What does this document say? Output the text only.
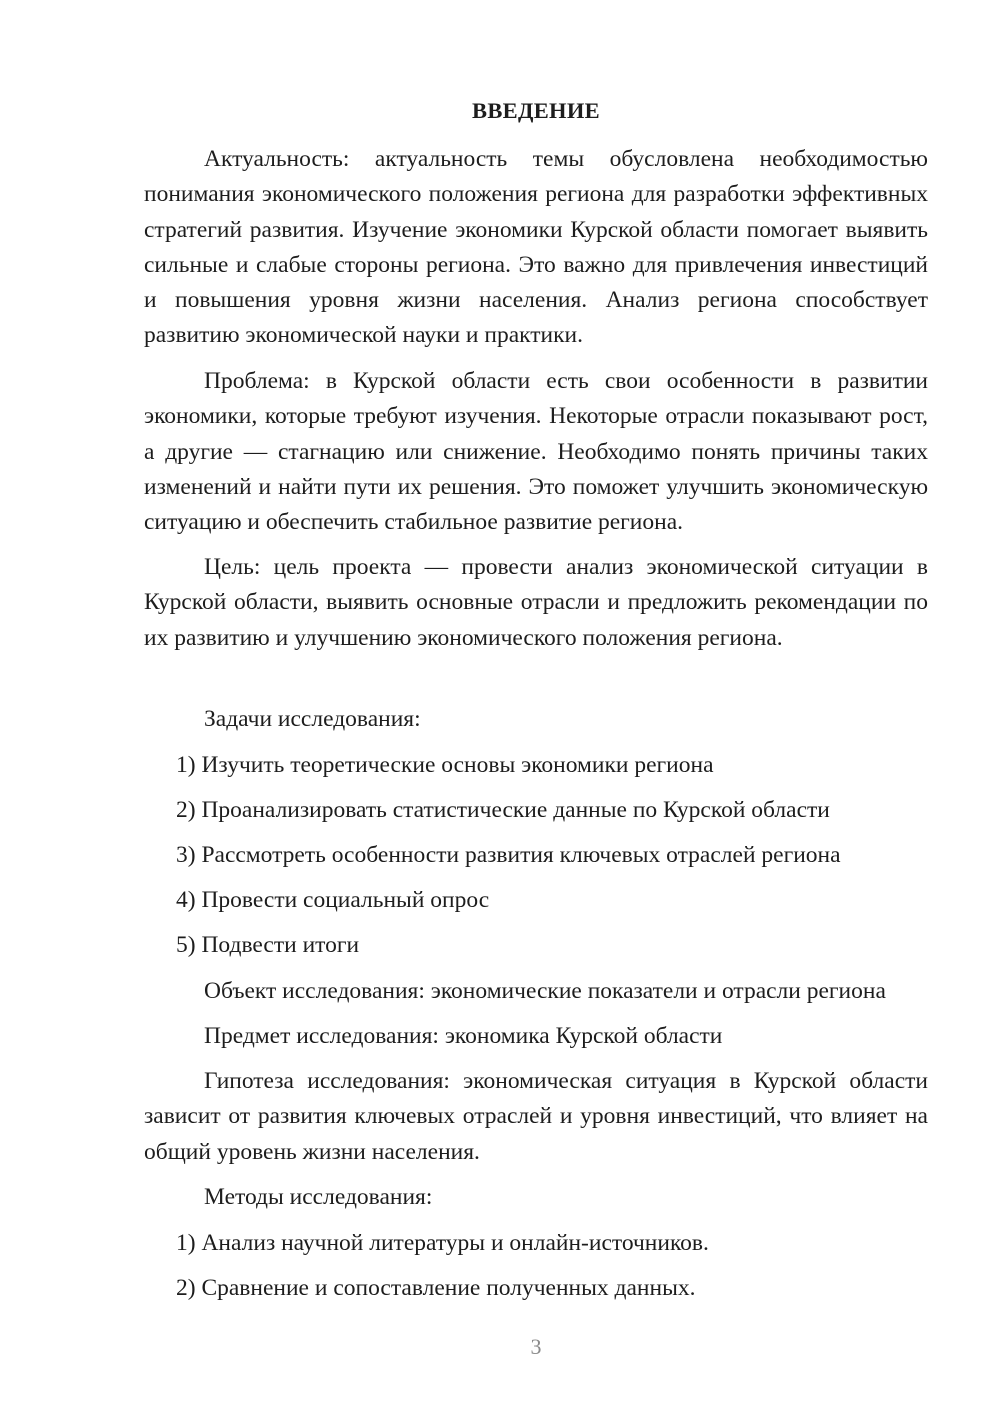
ВВЕДЕНИЕ

Актуальность: актуальность темы обусловлена необходимостью понимания экономического положения региона для разработки эффективных стратегий развития. Изучение экономики Курской области помогает выявить сильные и слабые стороны региона. Это важно для привлечения инвестиций и повышения уровня жизни населения. Анализ региона способствует развитию экономической науки и практики.

Проблема: в Курской области есть свои особенности в развитии экономики, которые требуют изучения. Некоторые отрасли показывают рост, а другие — стагнацию или снижение. Необходимо понять причины таких изменений и найти пути их решения. Это поможет улучшить экономическую ситуацию и обеспечить стабильное развитие региона.

Цель: цель проекта — провести анализ экономической ситуации в Курской области, выявить основные отрасли и предложить рекомендации по их развитию и улучшению экономического положения региона.

Задачи исследования:

1) Изучить теоретические основы экономики региона

2) Проанализировать статистические данные по Курской области

3) Рассмотреть особенности развития ключевых отраслей региона

4) Провести социальный опрос

5) Подвести итоги

Объект исследования: экономические показатели и отрасли региона

Предмет исследования: экономика Курской области

Гипотеза исследования: экономическая ситуация в Курской области зависит от развития ключевых отраслей и уровня инвестиций, что влияет на общий уровень жизни населения.

Методы исследования:

1) Анализ научной литературы и онлайн-источников.

2) Сравнение и сопоставление полученных данных.

3
